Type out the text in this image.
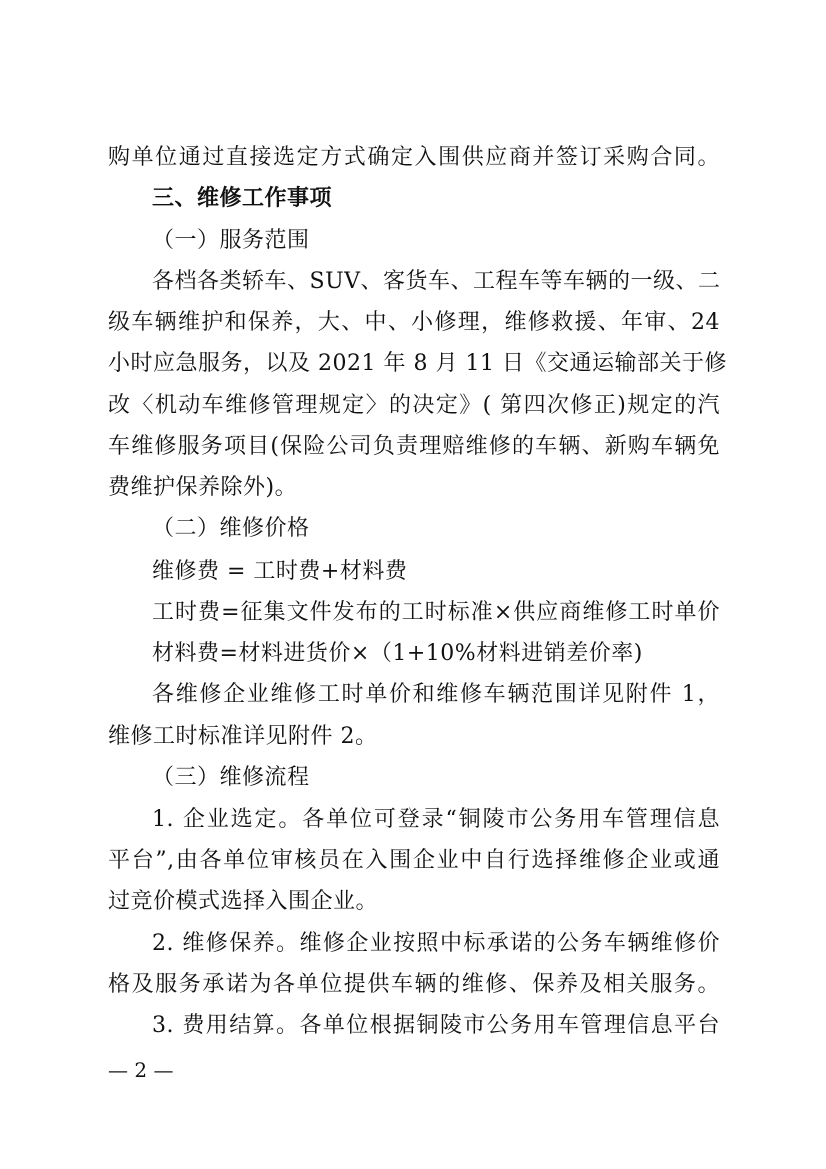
购单位通过直接选定方式确定入围供应商并签订采购合同。
三、维修工作事项
（一）服务范围
各档各类轿车、SUV、客货车、工程车等车辆的一级、二
级车辆维护和保养，大、中、小修理，维修救援、年审、24
小时应急服务，以及 2021 年 8 月 11 日《交通运输部关于修
改〈机动车维修管理规定〉的决定》( 第四次修正)规定的汽
车维修服务项目(保险公司负责理赔维修的车辆、新购车辆免
费维护保养除外)。
（二）维修价格
维修费 = 工时费+材料费
工时费=征集文件发布的工时标准×供应商维修工时单价
材料费=材料进货价×（1+10%材料进销差价率)
各维修企业维修工时单价和维修车辆范围详见附件 1，
维修工时标准详见附件 2。
（三）维修流程
1. 企业选定。各单位可登录“铜陵市公务用车管理信息
平台”,由各单位审核员在入围企业中自行选择维修企业或通
过竞价模式选择入围企业。
2. 维修保养。维修企业按照中标承诺的公务车辆维修价
格及服务承诺为各单位提供车辆的维修、保养及相关服务。
3. 费用结算。各单位根据铜陵市公务用车管理信息平台
— 2 —
